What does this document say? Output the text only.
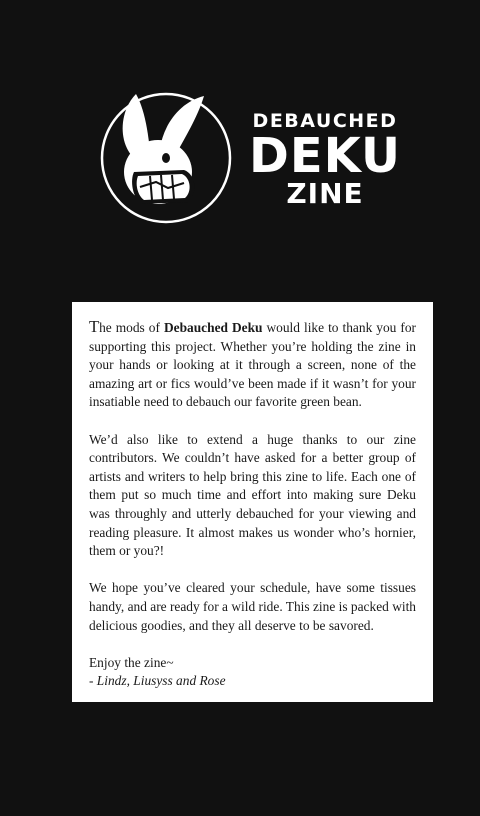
DEBAUCHED
DEKU
ZINE

The mods of Debauched Deku would like to thank you for supporting this project. Whether you’re holding the zine in your hands or looking at it through a screen, none of the amazing art or fics would’ve been made if it wasn’t for your insatiable need to debauch our favorite green bean.

We’d also like to extend a huge thanks to our zine contributors. We couldn’t have asked for a better group of artists and writers to help bring this zine to life. Each one of them put so much time and effort into making sure Deku was throughly and utterly debauched for your viewing and reading pleasure. It almost makes us wonder who’s hornier, them or you?!

We hope you’ve cleared your schedule, have some tissues handy, and are ready for a wild ride. This zine is packed with delicious goodies, and they all deserve to be savored.

Enjoy the zine~

- Lindz, Liusyss and Rose
